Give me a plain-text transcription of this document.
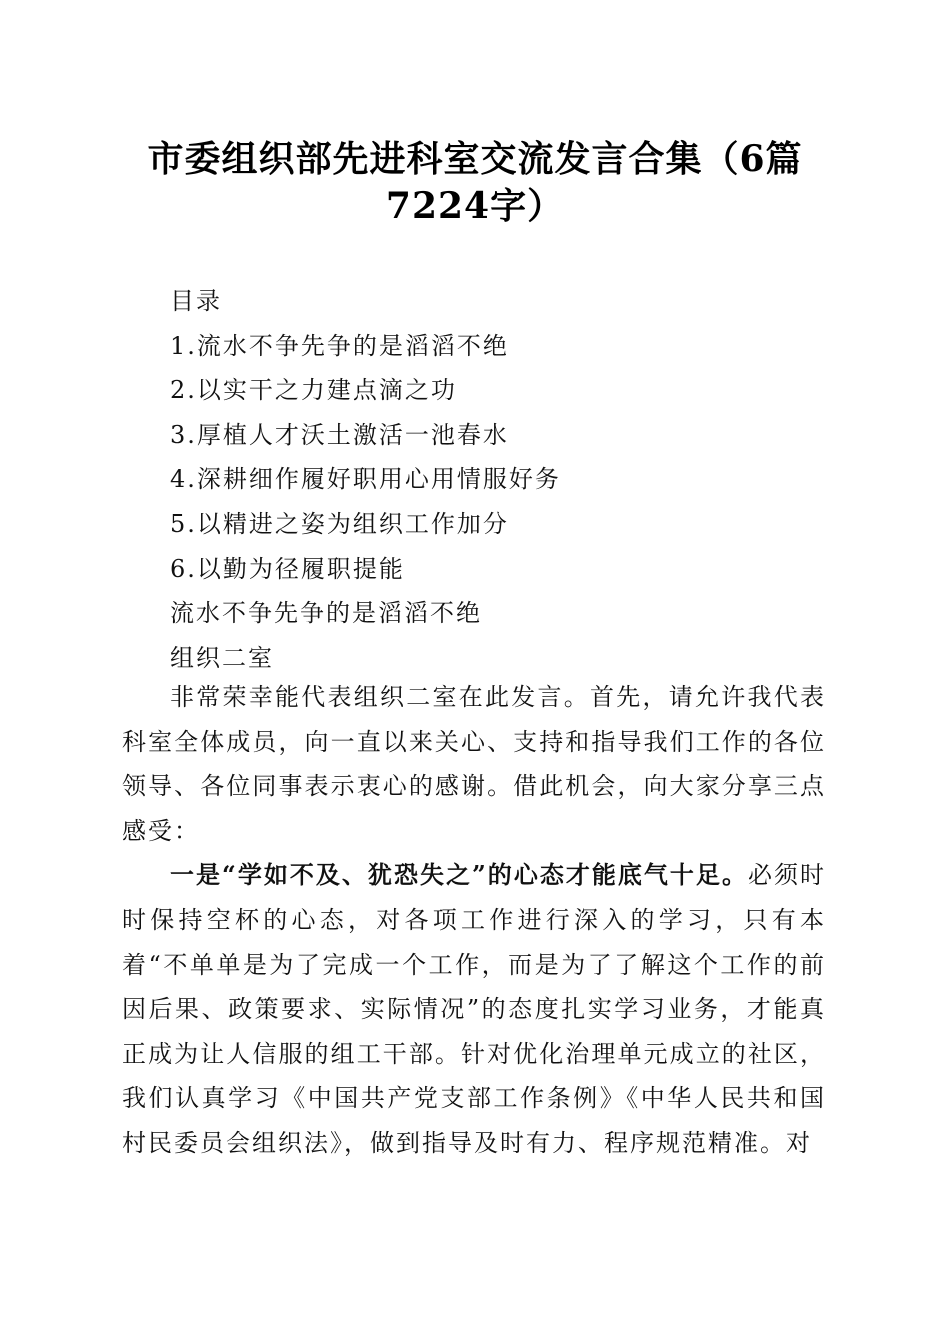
市委组织部先进科室交流发言合集（6篇7224字）
目录
1.流水不争先争的是滔滔不绝
2.以实干之力建点滴之功
3.厚植人才沃土激活一池春水
4.深耕细作履好职用心用情服好务
5.以精进之姿为组织工作加分
6.以勤为径履职提能
流水不争先争的是滔滔不绝
组织二室

非常荣幸能代表组织二室在此发言。首先，请允许我代表科室全体成员，向一直以来关心、支持和指导我们工作的各位领导、各位同事表示衷心的感谢。借此机会，向大家分享三点感受：

一是“学如不及、犹恐失之”的心态才能底气十足。必须时时保持空杯的心态，对各项工作进行深入的学习，只有本着“不单单是为了完成一个工作，而是为了了解这个工作的前因后果、政策要求、实际情况”的态度扎实学习业务，才能真正成为让人信服的组工干部。针对优化治理单元成立的社区，我们认真学习《中国共产党支部工作条例》《中华人民共和国村民委员会组织法》，做到指导及时有力、程序规范精准。对
